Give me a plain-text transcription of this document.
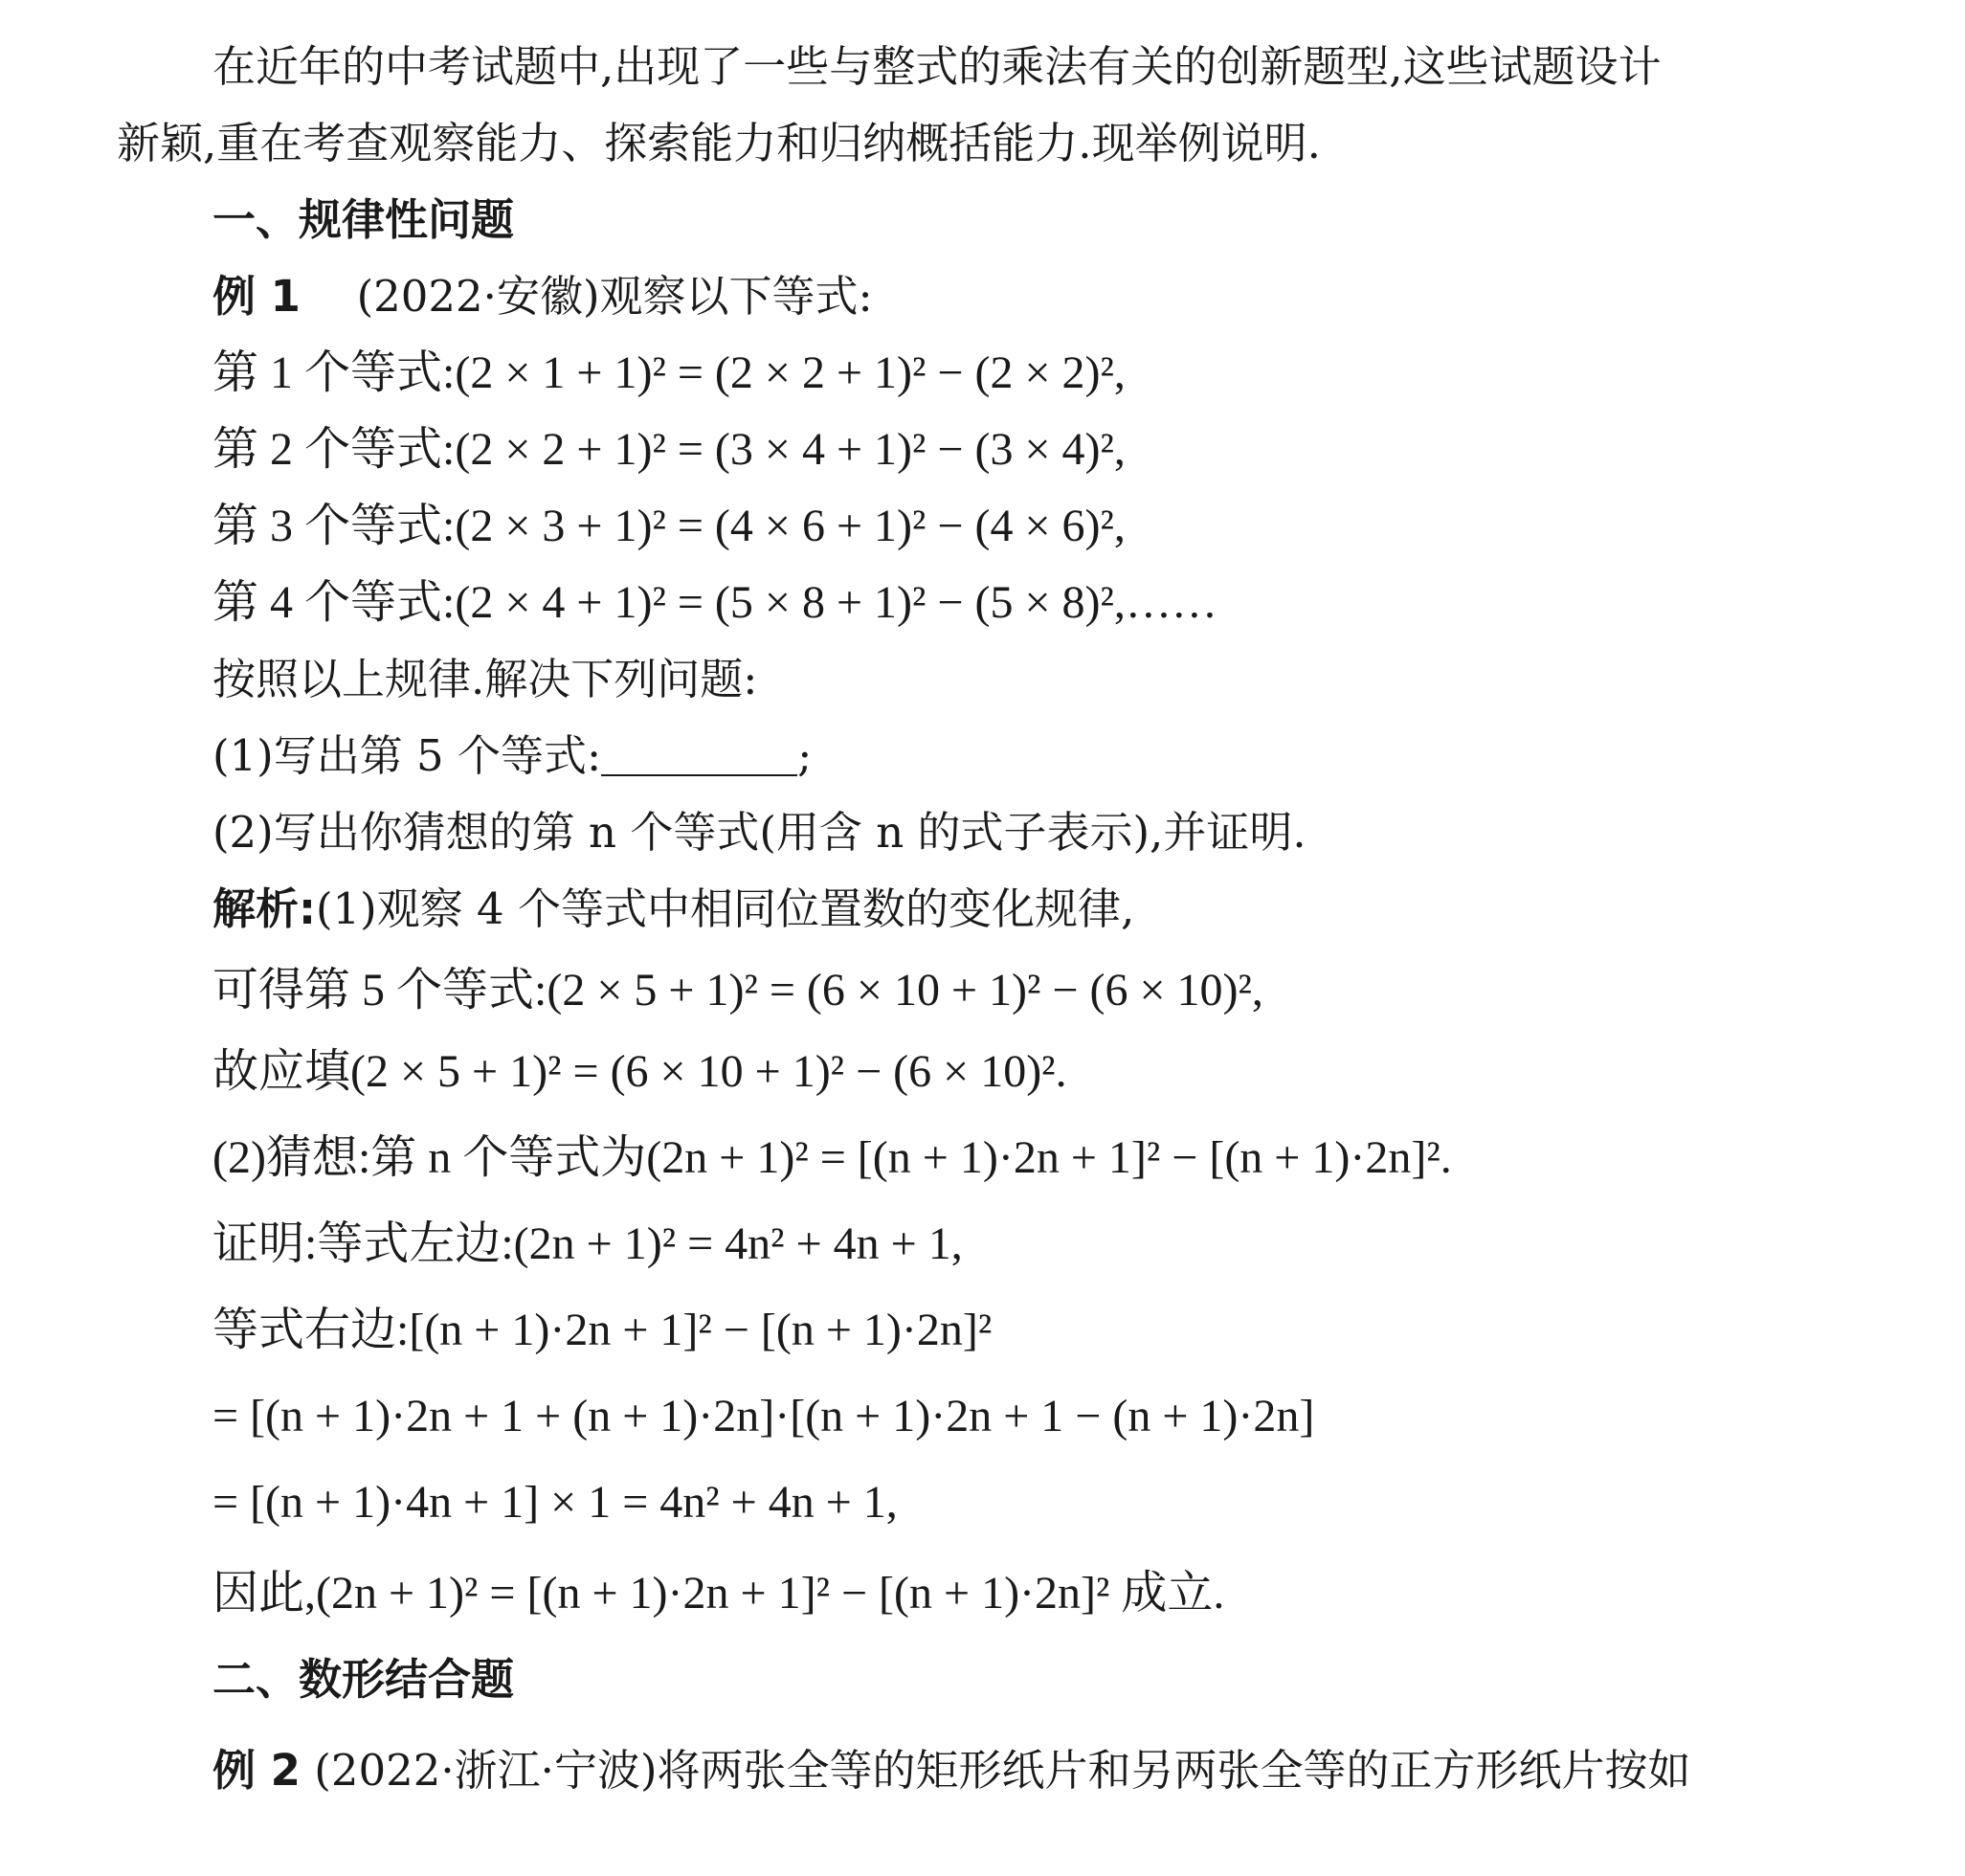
在近年的中考试题中,出现了一些与整式的乘法有关的创新题型,这些试题设计
新颖,重在考查观察能力、探索能力和归纳概括能力.现举例说明.
一、规律性问题
例 1 (2022·安徽)观察以下等式:
第 1 个等式:(2 × 1 + 1)² = (2 × 2 + 1)² − (2 × 2)²,
第 2 个等式:(2 × 2 + 1)² = (3 × 4 + 1)² − (3 × 4)²,
第 3 个等式:(2 × 3 + 1)² = (4 × 6 + 1)² − (4 × 6)²,
第 4 个等式:(2 × 4 + 1)² = (5 × 8 + 1)² − (5 × 8)²,……
按照以上规律.解决下列问题:
(1)写出第 5 个等式:	;
(2)写出你猜想的第 n 个等式(用含 n 的式子表示),并证明.
解析:(1)观察 4 个等式中相同位置数的变化规律,
可得第 5 个等式:(2 × 5 + 1)² = (6 × 10 + 1)² − (6 × 10)²,
故应填(2 × 5 + 1)² = (6 × 10 + 1)² − (6 × 10)².
(2)猜想:第 n 个等式为(2n + 1)² = [(n + 1)·2n + 1]² − [(n + 1)·2n]².
证明:等式左边:(2n + 1)² = 4n² + 4n + 1,
等式右边:[(n + 1)·2n + 1]² − [(n + 1)·2n]²
= [(n + 1)·2n + 1 + (n + 1)·2n]·[(n + 1)·2n + 1 − (n + 1)·2n]
= [(n + 1)·4n + 1] × 1 = 4n² + 4n + 1,
因此,(2n + 1)² = [(n + 1)·2n + 1]² − [(n + 1)·2n]² 成立.
二、数形结合题
例 2 (2022·浙江·宁波)将两张全等的矩形纸片和另两张全等的正方形纸片按如
